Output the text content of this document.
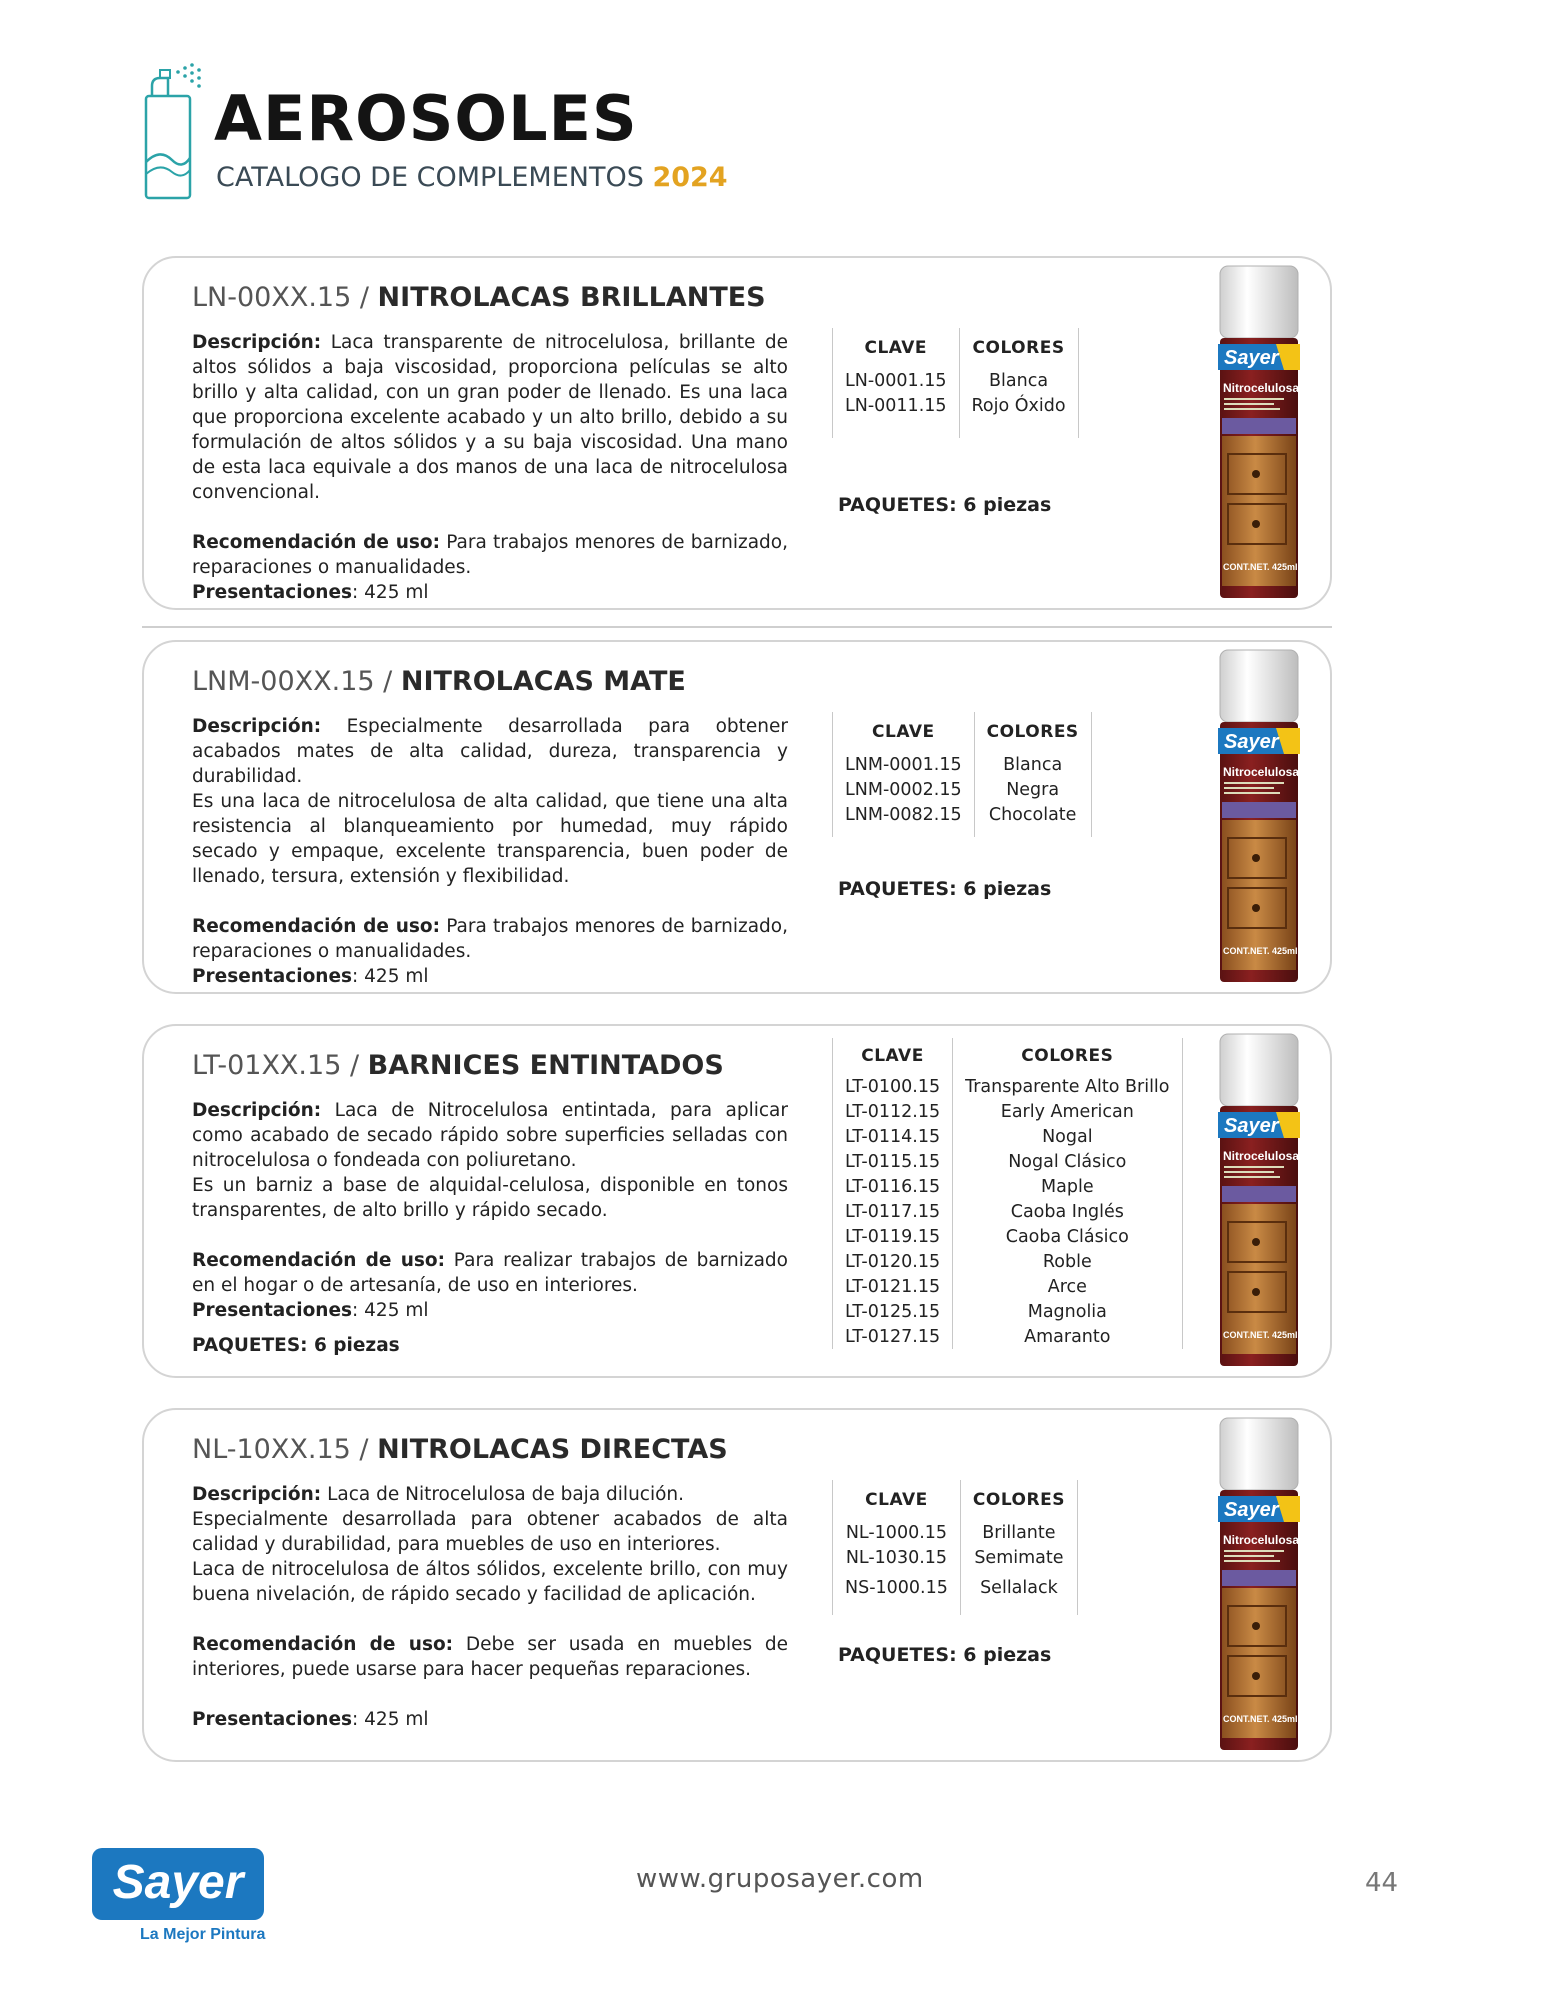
AEROSOLES
CATALOGO DE COMPLEMENTOS 2024
LN-00XX.15 / NITROLACAS BRILLANTES

Descripción: Laca transparente de nitrocelulosa, brillante de altos sólidos a baja viscosidad, proporciona películas se alto brillo y alta calidad, con un gran poder de llenado. Es una laca que proporciona excelente acabado y un alto brillo, debido a su formulación de altos sólidos y a su baja viscosidad. Una mano de esta laca equivale a dos manos de una laca de nitrocelulosa convencional.

Recomendación de uso: Para trabajos menores de barnizado, reparaciones o manualidades.

Presentaciones: 425 ml

CLAVE	COLORES
LN-0001.15	Blanca
LN-0011.15	Rojo Óxido

PAQUETES: 6 piezas
Sayer
Nitrocelulosa
CONT.NET. 425ml
LNM-00XX.15 / NITROLACAS MATE

Descripción: Especialmente desarrollada para obtener acabados mates de alta calidad, dureza, transparencia y durabilidad.

Es una laca de nitrocelulosa de alta calidad, que tiene una alta resistencia al blanqueamiento por humedad, muy rápido secado y empaque, excelente transparencia, buen poder de llenado, tersura, extensión y flexibilidad.

Recomendación de uso: Para trabajos menores de barnizado, reparaciones o manualidades.

Presentaciones: 425 ml

CLAVE	COLORES
LNM-0001.15	Blanca
LNM-0002.15	Negra
LNM-0082.15	Chocolate

PAQUETES: 6 piezas
Sayer
Nitrocelulosa
CONT.NET. 425ml
LT-01XX.15 / BARNICES ENTINTADOS

Descripción: Laca de Nitrocelulosa entintada, para aplicar como acabado de secado rápido sobre superficies selladas con nitrocelulosa o fondeada con poliuretano.

Es un barniz a base de alquidal-celulosa, disponible en tonos transparentes, de alto brillo y rápido secado.

Recomendación de uso: Para realizar trabajos de barnizado en el hogar o de artesanía, de uso en interiores.

Presentaciones: 425 ml

PAQUETES: 6 piezas

CLAVE	COLORES
LT-0100.15	Transparente Alto Brillo
LT-0112.15	Early American
LT-0114.15	Nogal
LT-0115.15	Nogal Clásico
LT-0116.15	Maple
LT-0117.15	Caoba Inglés
LT-0119.15	Caoba Clásico
LT-0120.15	Roble
LT-0121.15	Arce
LT-0125.15	Magnolia
LT-0127.15	Amaranto
Sayer
Nitrocelulosa
CONT.NET. 425ml
NL-10XX.15 / NITROLACAS DIRECTAS

Descripción: Laca de Nitrocelulosa de baja dilución.

Especialmente desarrollada para obtener acabados de alta calidad y durabilidad, para muebles de uso en interiores.

Laca de nitrocelulosa de áltos sólidos, excelente brillo, con muy buena nivelación, de rápido secado y facilidad de aplicación.

Recomendación de uso: Debe ser usada en muebles de interiores, puede usarse para hacer pequeñas reparaciones.

Presentaciones: 425 ml

CLAVE	COLORES
NL-1000.15	Brillante
NL-1030.15	Semimate
NS-1000.15	Sellalack

PAQUETES: 6 piezas
Sayer
Nitrocelulosa
CONT.NET. 425ml
Sayer
La Mejor Pintura
www.gruposayer.com	44
